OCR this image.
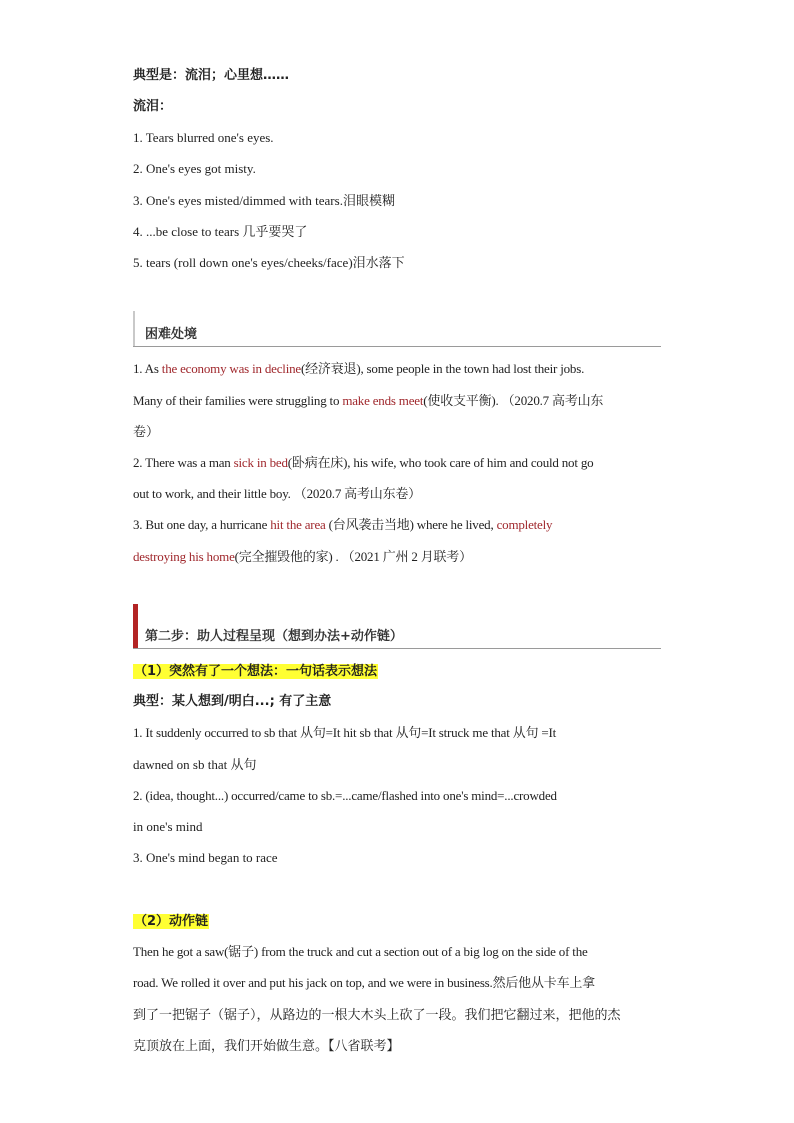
典型是：流泪；心里想……
流泪：
1. Tears blurred one's eyes.
2. One's eyes got misty.
3. One's eyes misted/dimmed with tears.泪眼模糊
4. ...be close to tears 几乎要哭了
5. tears (roll down one's eyes/cheeks/face)泪水落下
困难处境
1. As the economy was in decline(经济衰退), some people in the town had lost their jobs.
Many of their families were struggling to make ends meet(使收支平衡). （2020.7 高考山东
卷）
2. There was a man sick in bed(卧病在床), his wife, who took care of him and could not go
out to work, and their little boy. （2020.7 高考山东卷）
3. But one day, a hurricane hit the area (台风袭击当地) where he lived, completely
destroying his home(完全摧毁他的家) . （2021 广州 2 月联考）
第二步：助人过程呈现（想到办法+动作链）
（1）突然有了一个想法：一句话表示想法
典型：某人想到/明白...; 有了主意
1. It suddenly occurred to sb that 从句=It hit sb that 从句=It struck me that 从句 =It
dawned on sb that 从句
2. (idea, thought...) occurred/came to sb.=...came/flashed into one's mind=...crowded
in one's mind
3. One's mind began to race
（2）动作链
Then he got a saw(锯子) from the truck and cut a section out of a big log on the side of the
road. We rolled it over and put his jack on top, and we were in business.然后他从卡车上拿
到了一把锯子（锯子），从路边的一根大木头上砍了一段。我们把它翻过来，把他的杰
克顶放在上面，我们开始做生意。【八省联考】
